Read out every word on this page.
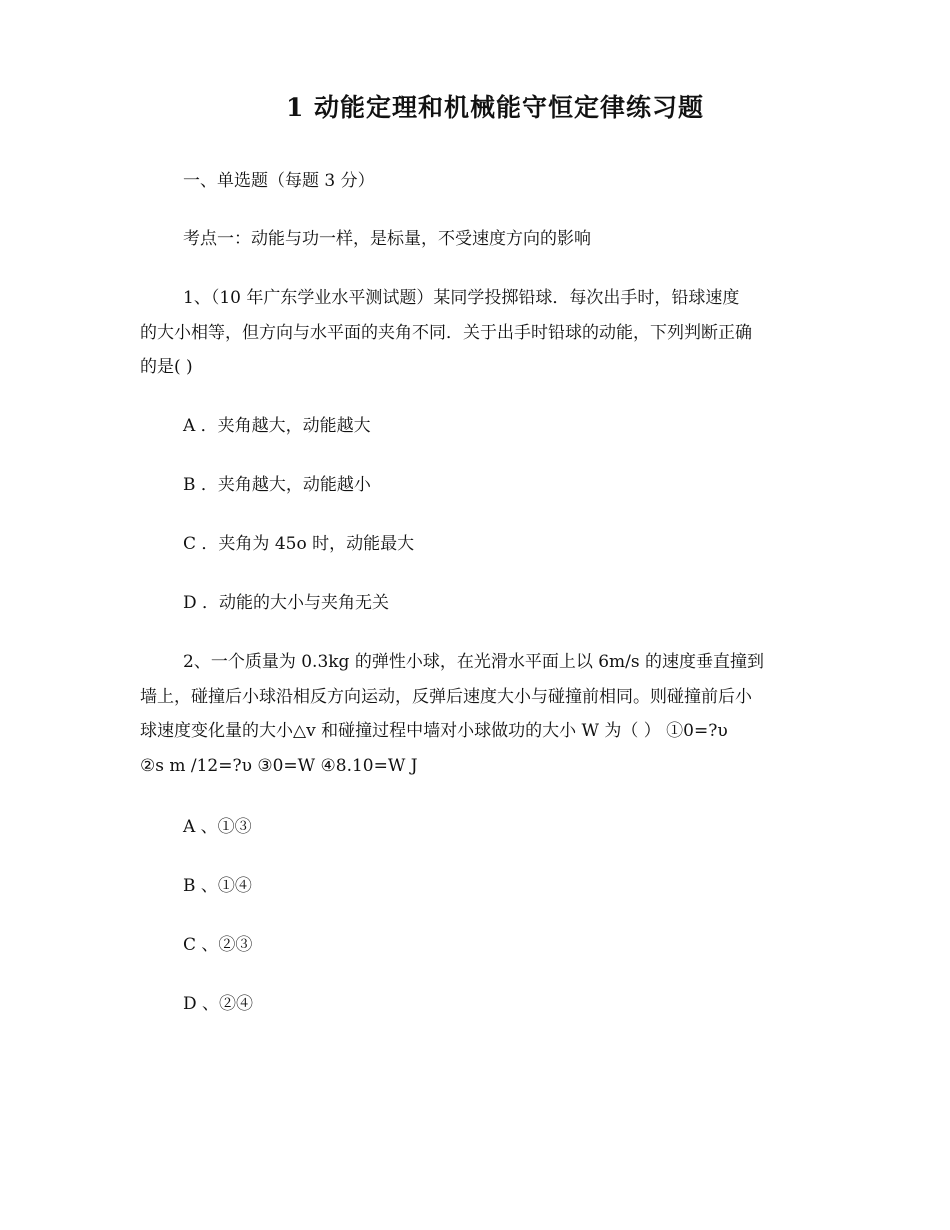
1 动能定理和机械能守恒定律练习题
一、单选题（每题 3 分）
考点一：动能与功一样，是标量，不受速度方向的影响
1、（10 年广东学业水平测试题）某同学投掷铅球．每次出手时，铅球速度
的大小相等，但方向与水平面的夹角不同．关于出手时铅球的动能，下列判断正确
的是( )
A ．夹角越大，动能越大
B ．夹角越大，动能越小
C ．夹角为 45o 时，动能最大
D ．动能的大小与夹角无关
2、一个质量为 0.3kg 的弹性小球，在光滑水平面上以 6m/s 的速度垂直撞到
墙上，碰撞后小球沿相反方向运动，反弹后速度大小与碰撞前相同。则碰撞前后小
球速度变化量的大小△v 和碰撞过程中墙对小球做功的大小 W 为（ ） ①0=?υ
②s m /12=?υ ③0=W ④8.10=W J
A 、①③
B 、①④
C 、②③
D 、②④
